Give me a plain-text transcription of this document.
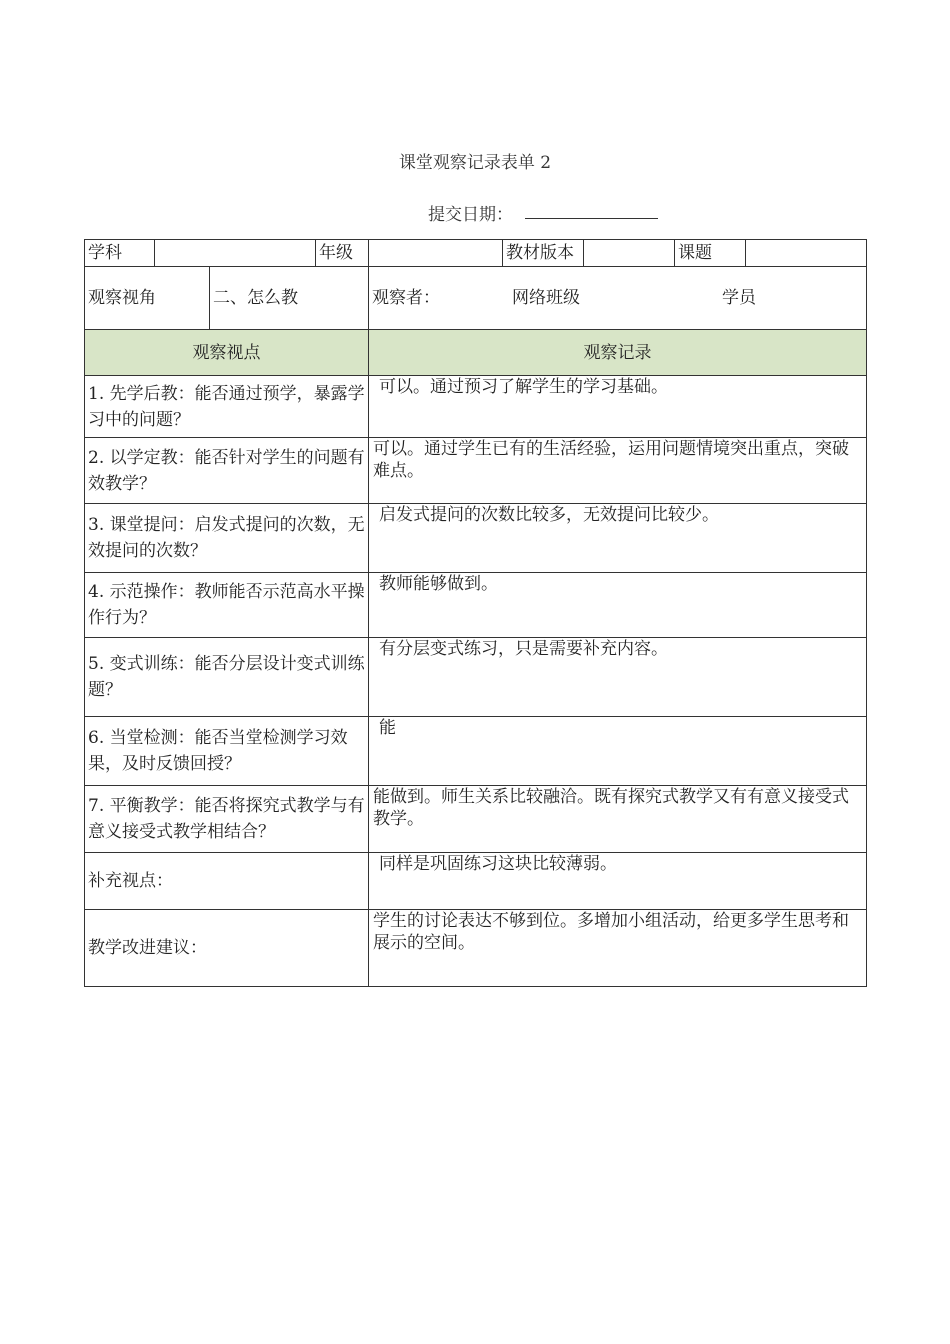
课堂观察记录表单 2
提交日期：
学科			年级		教材版本		课题	
观察视角		二、怎么教		观察者： 网络班级 学员				
观察视点				观察记录				
1. 先学后教：能否通过预学，暴露学习中的问题？				可以。通过预习了解学生的学习基础。				
2. 以学定教：能否针对学生的问题有效教学？				可以。通过学生已有的生活经验，运用问题情境突出重点，突破难点。				
3. 课堂提问：启发式提问的次数，无效提问的次数？				启发式提问的次数比较多，无效提问比较少。				
4. 示范操作：教师能否示范高水平操作行为？				教师能够做到。				
5. 变式训练：能否分层设计变式训练题？				有分层变式练习，只是需要补充内容。				
6. 当堂检测：能否当堂检测学习效果，及时反馈回授？				能				
7. 平衡教学：能否将探究式教学与有意义接受式教学相结合？				能做到。师生关系比较融洽。既有探究式教学又有有意义接受式教学。				
补充视点：				同样是巩固练习这块比较薄弱。				
教学改进建议：				学生的讨论表达不够到位。多增加小组活动，给更多学生思考和展示的空间。				
